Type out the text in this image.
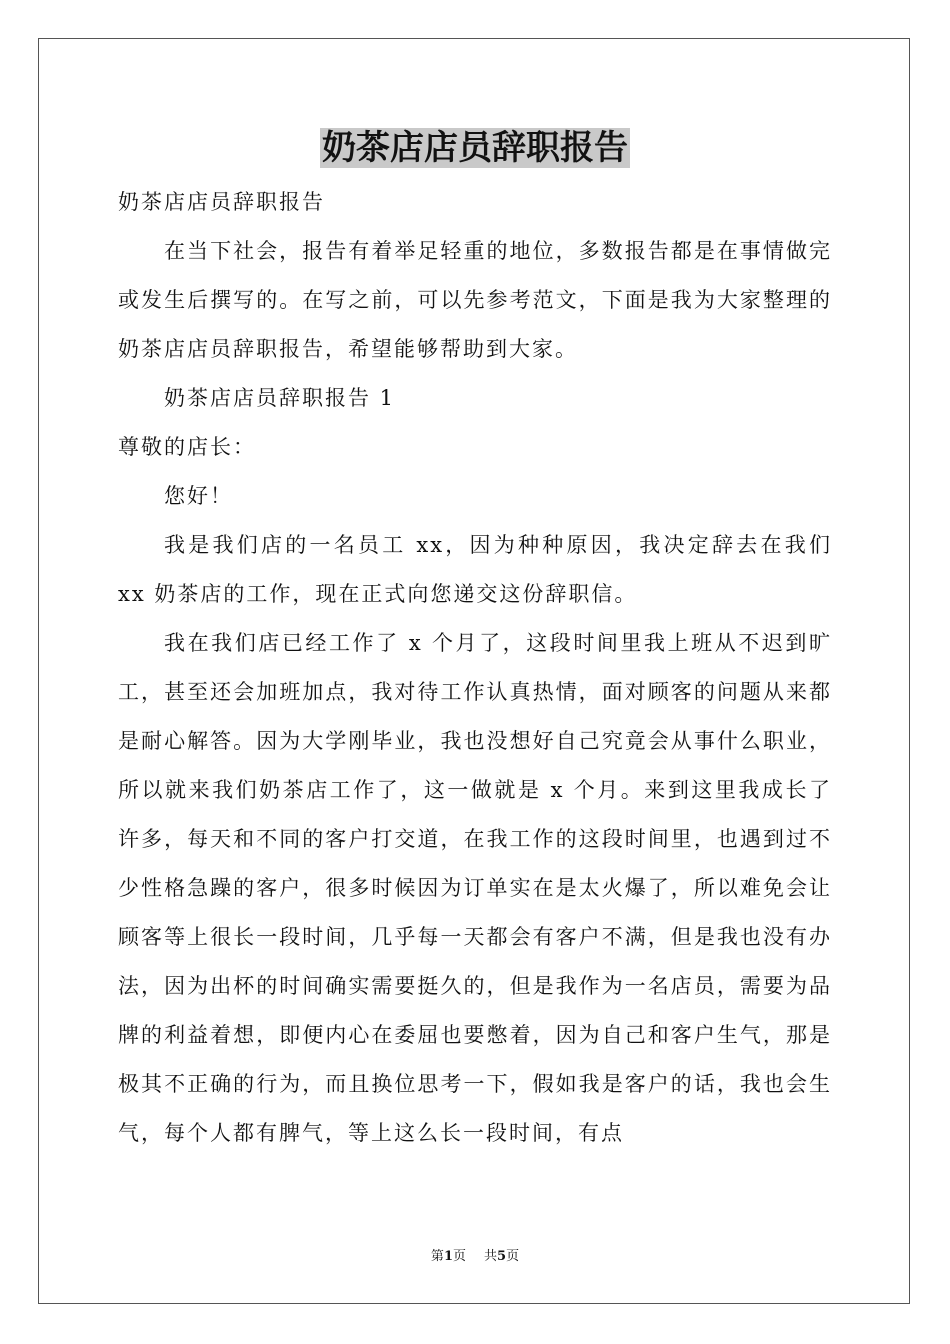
奶茶店店员辞职报告

奶茶店店员辞职报告

在当下社会，报告有着举足轻重的地位，多数报告都是在事情做完或发生后撰写的。在写之前，可以先参考范文，下面是我为大家整理的奶茶店店员辞职报告，希望能够帮助到大家。

奶茶店店员辞职报告 1

尊敬的店长：

您好！

我是我们店的一名员工 xx，因为种种原因，我决定辞去在我们 xx 奶茶店的工作，现在正式向您递交这份辞职信。

我在我们店已经工作了 x 个月了，这段时间里我上班从不迟到旷工，甚至还会加班加点，我对待工作认真热情，面对顾客的问题从来都是耐心解答。因为大学刚毕业，我也没想好自己究竟会从事什么职业，所以就来我们奶茶店工作了，这一做就是 x 个月。来到这里我成长了许多，每天和不同的客户打交道，在我工作的这段时间里，也遇到过不少性格急躁的客户，很多时候因为订单实在是太火爆了，所以难免会让顾客等上很长一段时间，几乎每一天都会有客户不满，但是我也没有办法，因为出杯的时间确实需要挺久的，但是我作为一名店员，需要为品牌的利益着想，即便内心在委屈也要憋着，因为自己和客户生气，那是极其不正确的行为，而且换位思考一下，假如我是客户的话，我也会生气，每个人都有脾气，等上这么长一段时间，有点

第1页 共5页
